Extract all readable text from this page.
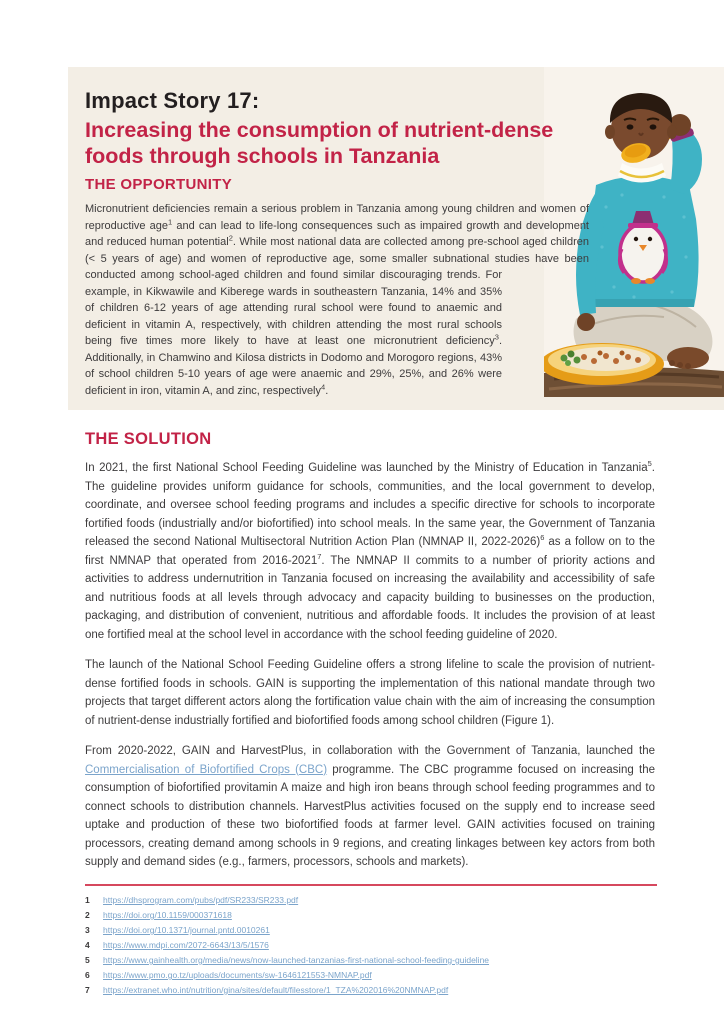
Impact Story 17:
Increasing the consumption of nutrient-dense foods through schools in Tanzania
THE OPPORTUNITY

Micronutrient deficiencies remain a serious problem in Tanzania among young children and women of reproductive age$^1$ and can lead to life-long consequences such as impaired growth and development and reduced human potential$^2$. While most national data are collected among pre-school aged children (< 5 years of age) and women of reproductive age, some smaller subnational studies have been conducted among school-aged children and found similar discouraging trends. For example, in Kikwawile and Kiberege wards in southeastern Tanzania, 14% and 35% of children 6-12 years of age attending rural school were found to anaemic and deficient in vitamin A, respectively, with children attending the most rural schools being five times more likely to have at least one micronutrient deficiency$^3$. Additionally, in Chamwino and Kilosa districts in Dodomo and Morogoro regions, 43% of school children 5-10 years of age were anaemic and 29%, 25%, and 26% were deficient in iron, vitamin A, and zinc, respectively$^4$.

THE SOLUTION

In 2021, the first National School Feeding Guideline was launched by the Ministry of Education in Tanzania$^5$. The guideline provides uniform guidance for schools, communities, and the local government to develop, coordinate, and oversee school feeding programs and includes a specific directive for schools to incorporate fortified foods (industrially and/or biofortified) into school meals. In the same year, the Government of Tanzania released the second National Multisectoral Nutrition Action Plan (NMNAP II, 2022-2026)$^6$ as a follow on to the first NMNAP that operated from 2016-2021$^7$. The NMNAP II commits to a number of priority actions and activities to address undernutrition in Tanzania focused on increasing the availability and accessibility of safe and nutritious foods at all levels through advocacy and capacity building to businesses on the production, packaging, and distribution of convenient, nutritious and affordable foods. It includes the provision of at least one fortified meal at the school level in accordance with the school feeding guideline of 2020.

The launch of the National School Feeding Guideline offers a strong lifeline to scale the provision of nutrient-dense fortified foods in schools. GAIN is supporting the implementation of this national mandate through two projects that target different actors along the fortification value chain with the aim of increasing the consumption of nutrient-dense industrially fortified and biofortified foods among school children (Figure 1).

From 2020-2022, GAIN and HarvestPlus, in collaboration with the Government of Tanzania, launched the Commercialisation of Biofortified Crops (CBC) programme. The CBC programme focused on increasing the consumption of biofortified provitamin A maize and high iron beans through school feeding programmes and to connect schools to distribution channels. HarvestPlus activities focused on the supply end to increase seed uptake and production of these two biofortified foods at farmer level. GAIN activities focused on training processors, creating demand among schools in 9 regions, and creating linkages between key actors from both supply and demand sides (e.g., farmers, processors, schools and markets).

1	https://dhsprogram.com/pubs/pdf/SR233/SR233.pdf
2	https://doi.org/10.1159/000371618
3	https://doi.org/10.1371/journal.pntd.0010261
4	https://www.mdpi.com/2072-6643/13/5/1576
5	https://www.gainhealth.org/media/news/now-launched-tanzanias-first-national-school-feeding-guideline
6	https://www.pmo.go.tz/uploads/documents/sw-1646121553-NMNAP.pdf
7	https://extranet.who.int/nutrition/gina/sites/default/filesstore/1_TZA%202016%20NMNAP.pdf
